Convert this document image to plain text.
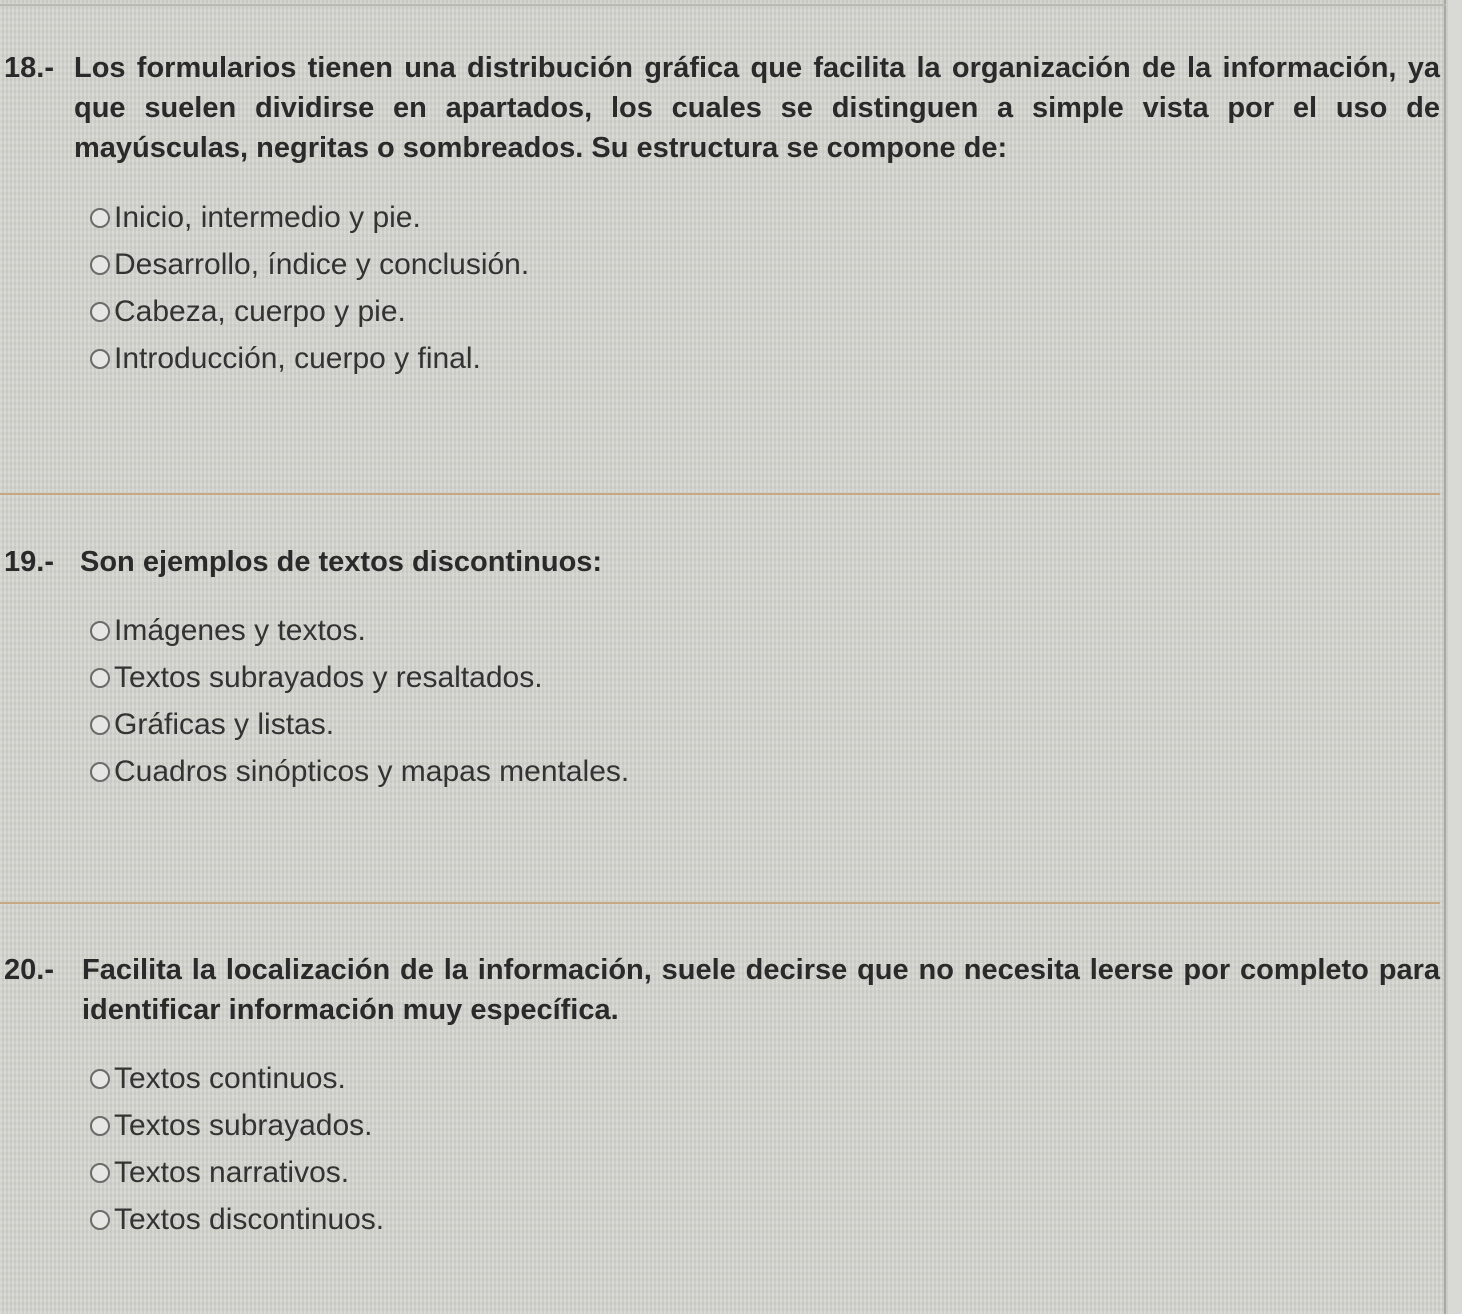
18.- Los formularios tienen una distribución gráfica que facilita la organización de la información, ya que suelen dividirse en apartados, los cuales se distinguen a simple vista por el uso de mayúsculas, negritas o sombreados. Su estructura se compone de:
Inicio, intermedio y pie.
Desarrollo, índice y conclusión.
Cabeza, cuerpo y pie.
Introducción, cuerpo y final.
19.- Son ejemplos de textos discontinuos:
Imágenes y textos.
Textos subrayados y resaltados.
Gráficas y listas.
Cuadros sinópticos y mapas mentales.
20.- Facilita la localización de la información, suele decirse que no necesita leerse por completo para identificar información muy específica.
Textos continuos.
Textos subrayados.
Textos narrativos.
Textos discontinuos.
